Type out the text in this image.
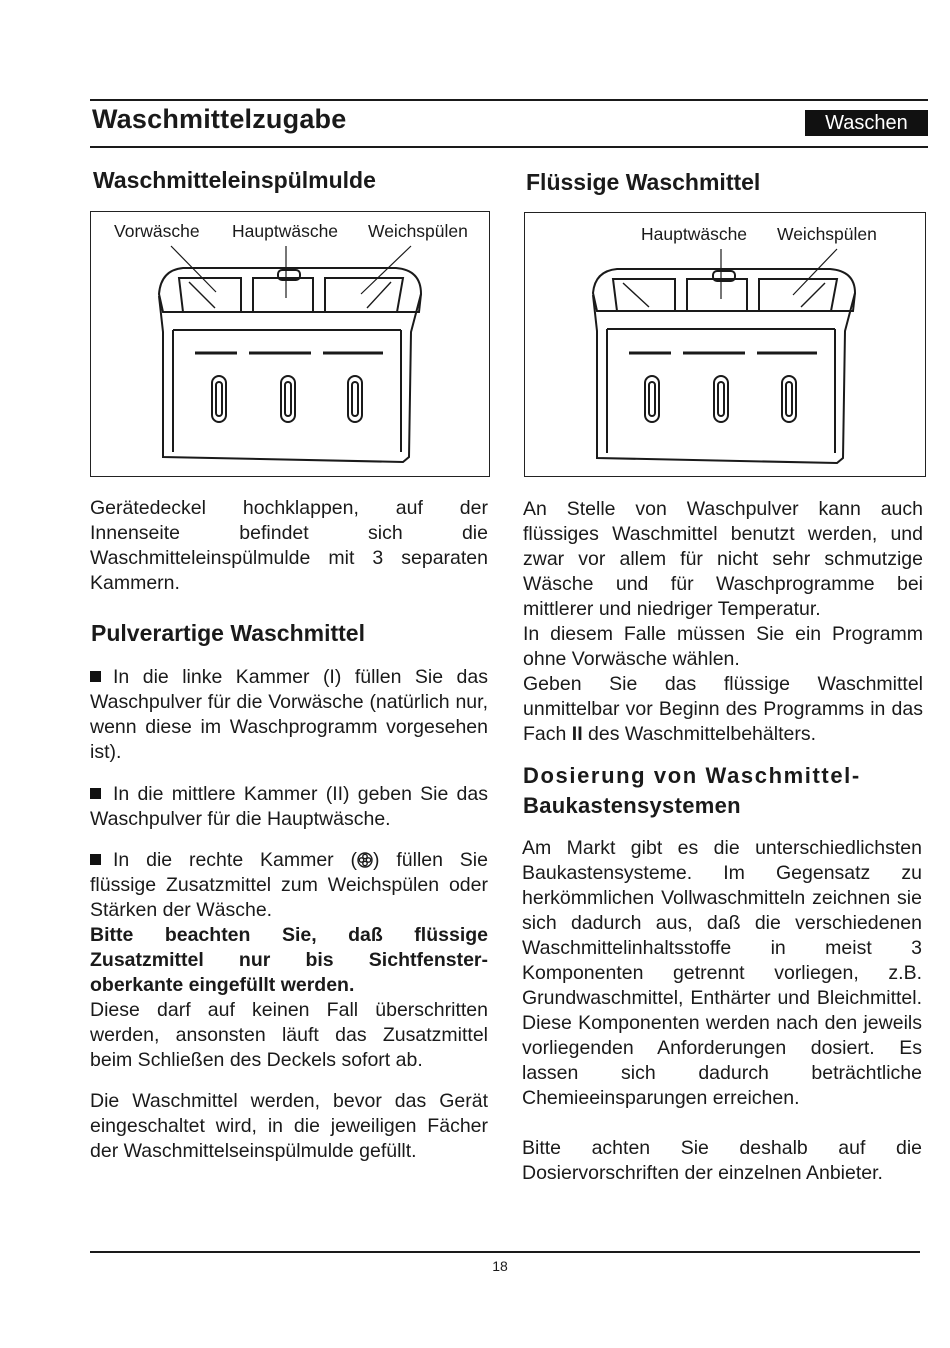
Waschmittelzugabe	Waschen
Waschmitteleinspülmulde
Vorwäsche Hauptwäsche Weichspülen

Gerätedeckel hochklappen, auf der Innenseite befindet sich die Waschmitteleinspülmulde mit 3 separaten Kammern.

Pulverartige Waschmittel

In die linke Kammer (I) füllen Sie das Waschpulver für die Vorwäsche (natürlich nur, wenn diese im Waschprogramm vorgesehen ist).

In die mittlere Kammer (II) geben Sie das Waschpulver für die Hauptwäsche.

In die rechte Kammer ( ) füllen Sie flüssige Zusatzmittel zum Weichspülen oder Stärken der Wäsche.
Bitte beachten Sie, daß flüssige Zusatzmittel nur bis Sichtfenster-oberkante eingefüllt werden.
Diese darf auf keinen Fall überschritten werden, ansonsten läuft das Zusatzmittel beim Schließen des Deckels sofort ab.

Die Waschmittel werden, bevor das Gerät eingeschaltet wird, in die jeweiligen Fächer der Waschmittelseinspülmulde gefüllt.

Flüssige Waschmittel
Hauptwäsche Weichspülen

An Stelle von Waschpulver kann auch flüssiges Waschmittel benutzt werden, und zwar vor allem für nicht sehr schmutzige Wäsche und für Waschprogramme bei mittlerer und niedriger Temperatur.

In diesem Falle müssen Sie ein Programm ohne Vorwäsche wählen.

Geben Sie das flüssige Waschmittel unmittelbar vor Beginn des Programms in das Fach II des Waschmittelbehälters.

Dosierung von Waschmittel-
Baukastensystemen

Am Markt gibt es die unterschiedlichsten Baukastensysteme. Im Gegensatz zu herkömmlichen Vollwaschmitteln zeichnen sie sich dadurch aus, daß die verschiedenen Waschmittelinhaltsstoffe in meist 3 Komponenten getrennt vorliegen, z.B. Grundwaschmittel, Enthärter und Bleichmittel. Diese Komponenten werden nach den jeweils vorliegenden Anforderungen dosiert. Es lassen sich dadurch beträchtliche Chemieeinsparungen erreichen.

Bitte achten Sie deshalb auf die Dosiervorschriften der einzelnen Anbieter.

18
